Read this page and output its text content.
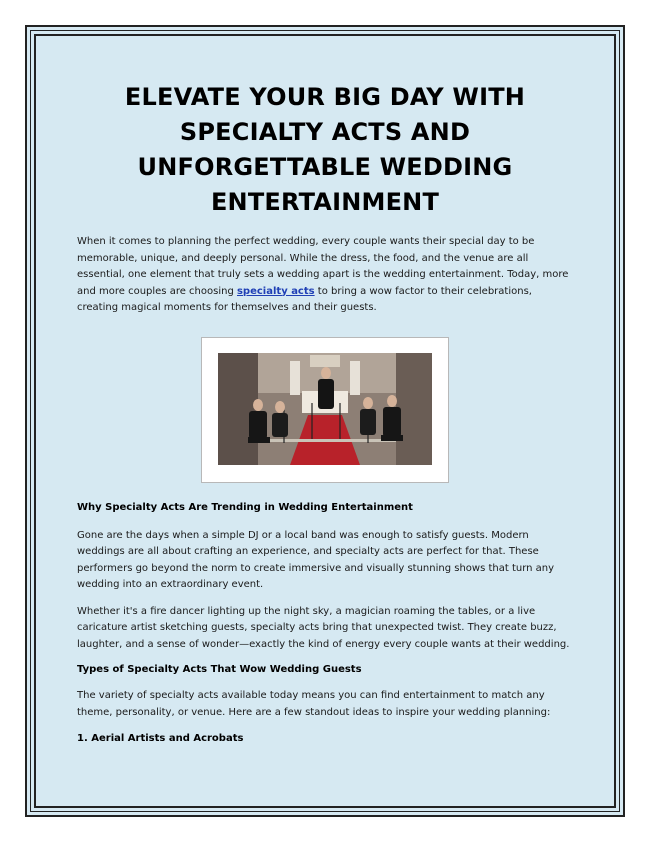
ELEVATE YOUR BIG DAY WITH SPECIALTY ACTS AND UNFORGETTABLE WEDDING ENTERTAINMENT

When it comes to planning the perfect wedding, every couple wants their special day to be memorable, unique, and deeply personal. While the dress, the food, and the venue are all essential, one element that truly sets a wedding apart is the wedding entertainment. Today, more and more couples are choosing specialty acts to bring a wow factor to their celebrations, creating magical moments for themselves and their guests.

Why Specialty Acts Are Trending in Wedding Entertainment

Gone are the days when a simple DJ or a local band was enough to satisfy guests. Modern weddings are all about crafting an experience, and specialty acts are perfect for that. These performers go beyond the norm to create immersive and visually stunning shows that turn any wedding into an extraordinary event.

Whether it's a fire dancer lighting up the night sky, a magician roaming the tables, or a live caricature artist sketching guests, specialty acts bring that unexpected twist. They create buzz, laughter, and a sense of wonder—exactly the kind of energy every couple wants at their wedding.

Types of Specialty Acts That Wow Wedding Guests

The variety of specialty acts available today means you can find entertainment to match any theme, personality, or venue. Here are a few standout ideas to inspire your wedding planning:

1. Aerial Artists and Acrobats
